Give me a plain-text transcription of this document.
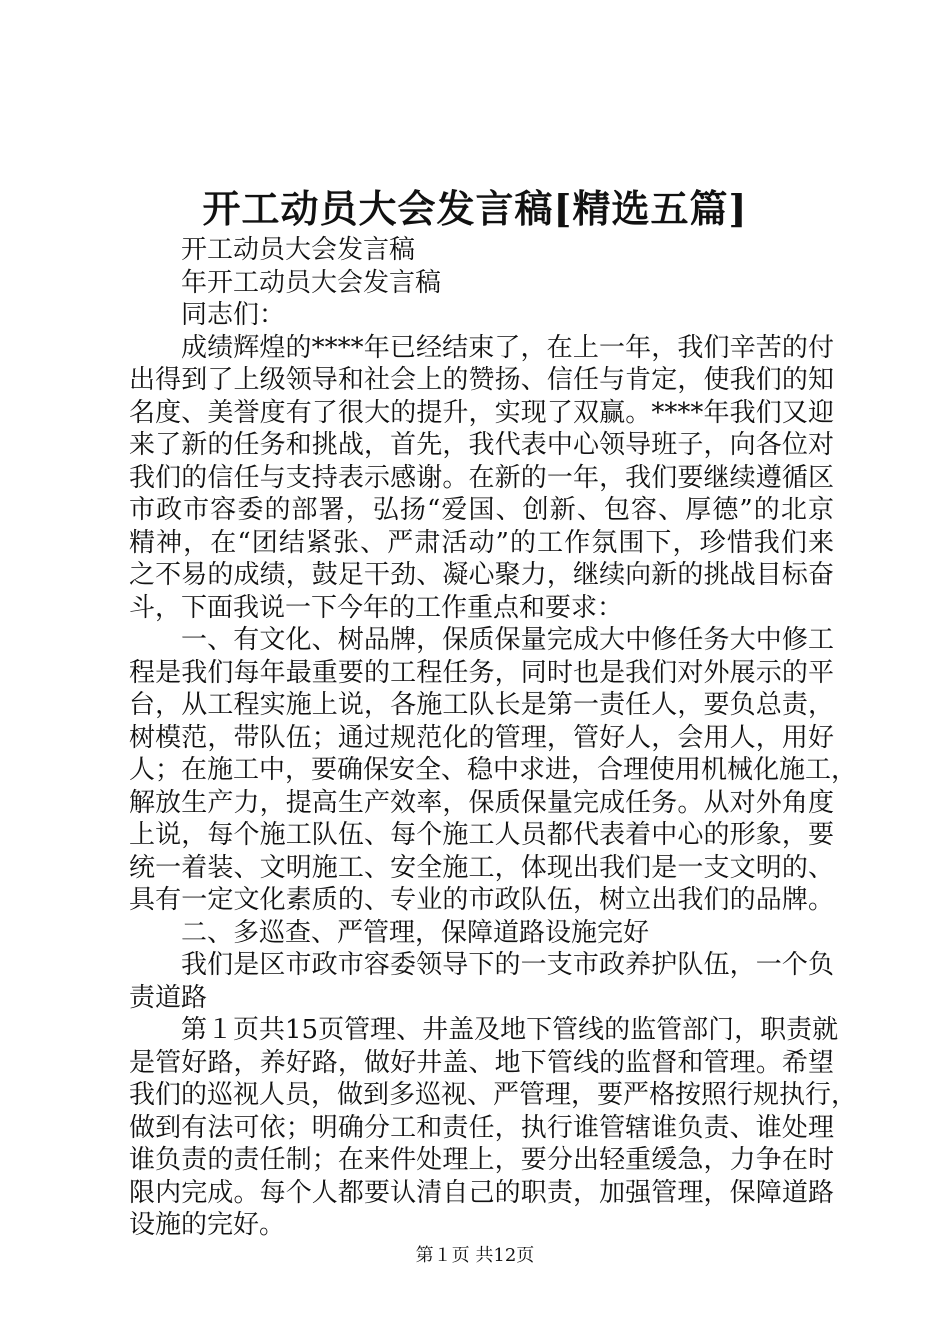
开工动员大会发言稿[精选五篇]
开工动员大会发言稿
年开工动员大会发言稿
同志们：
成绩辉煌的****年已经结束了，在上一年，我们辛苦的付
出得到了上级领导和社会上的赞扬、信任与肯定，使我们的知
名度、美誉度有了很大的提升，实现了双赢。****年我们又迎
来了新的任务和挑战，首先，我代表中心领导班子，向各位对
我们的信任与支持表示感谢。在新的一年，我们要继续遵循区
市政市容委的部署，弘扬“爱国、创新、包容、厚德”的北京
精神，在“团结紧张、严肃活动”的工作氛围下，珍惜我们来
之不易的成绩，鼓足干劲、凝心聚力，继续向新的挑战目标奋
斗，下面我说一下今年的工作重点和要求：
一、有文化、树品牌，保质保量完成大中修任务大中修工
程是我们每年最重要的工程任务，同时也是我们对外展示的平
台，从工程实施上说，各施工队长是第一责任人，要负总责，
树模范，带队伍；通过规范化的管理，管好人，会用人，用好
人；在施工中，要确保安全、稳中求进，合理使用机械化施工，
解放生产力，提高生产效率，保质保量完成任务。从对外角度
上说，每个施工队伍、每个施工人员都代表着中心的形象，要
统一着装、文明施工、安全施工，体现出我们是一支文明的、
具有一定文化素质的、专业的市政队伍，树立出我们的品牌。
二、多巡查、严管理，保障道路设施完好
我们是区市政市容委领导下的一支市政养护队伍，一个负
责道路
第１页共15页管理、井盖及地下管线的监管部门，职责就
是管好路，养好路，做好井盖、地下管线的监督和管理。希望
我们的巡视人员，做到多巡视、严管理，要严格按照行规执行，
做到有法可依；明确分工和责任，执行谁管辖谁负责、谁处理
谁负责的责任制；在来件处理上，要分出轻重缓急，力争在时
限内完成。每个人都要认清自己的职责，加强管理，保障道路
设施的完好。
第１页 共12页
